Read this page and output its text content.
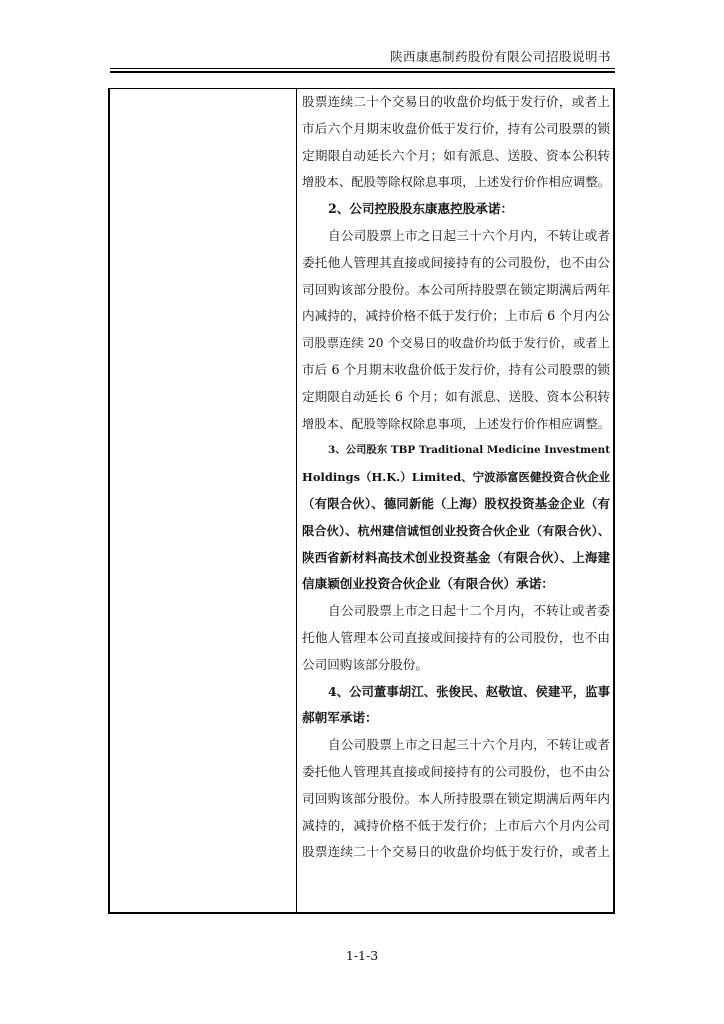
陕西康惠制药股份有限公司招股说明书
股票连续二十个交易日的收盘价均低于发行价，或者上
市后六个月期末收盘价低于发行价，持有公司股票的锁
定期限自动延长六个月；如有派息、送股、资本公积转
增股本、配股等除权除息事项，上述发行价作相应调整。
2、公司控股股东康惠控股承诺：
自公司股票上市之日起三十六个月内，不转让或者
委托他人管理其直接或间接持有的公司股份，也不由公
司回购该部分股份。本公司所持股票在锁定期满后两年
内减持的，减持价格不低于发行价；上市后 6 个月内公
司股票连续 20 个交易日的收盘价均低于发行价，或者上
市后 6 个月期末收盘价低于发行价，持有公司股票的锁
定期限自动延长 6 个月；如有派息、送股、资本公积转
增股本、配股等除权除息事项，上述发行价作相应调整。
3、公司股东 TBP Traditional Medicine Investment
Holdings（H.K.）Limited、宁波添富医健投资合伙企业
（有限合伙）、德同新能（上海）股权投资基金企业（有
限合伙）、杭州建信诚恒创业投资合伙企业（有限合伙）、
陕西省新材料高技术创业投资基金（有限合伙）、上海建
信康颖创业投资合伙企业（有限合伙）承诺：
自公司股票上市之日起十二个月内，不转让或者委
托他人管理本公司直接或间接持有的公司股份，也不由
公司回购该部分股份。
4、公司董事胡江、张俊民、赵敬谊、侯建平，监事
郝朝军承诺：
自公司股票上市之日起三十六个月内，不转让或者
委托他人管理其直接或间接持有的公司股份，也不由公
司回购该部分股份。本人所持股票在锁定期满后两年内
减持的，减持价格不低于发行价；上市后六个月内公司
股票连续二十个交易日的收盘价均低于发行价，或者上
1-1-3
